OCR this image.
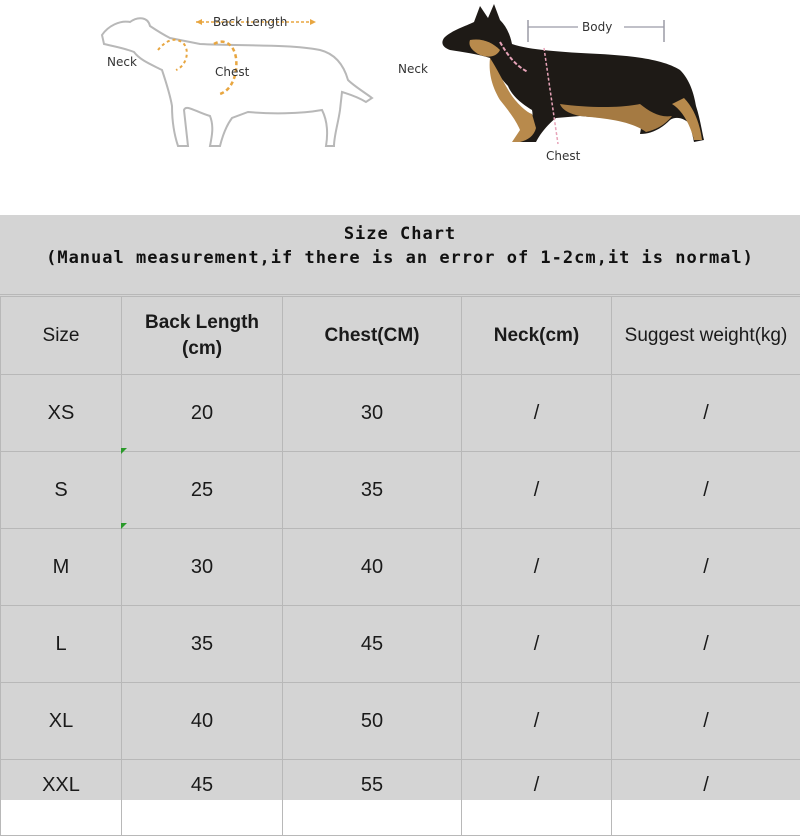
Back Length
Neck
Chest
Body
Neck
Chest
Size Chart
(Manual measurement,if there is an error of 1-2cm,it is normal)
Size	Back Length (cm)	Chest(CM)	Neck(cm)	Suggest weight(kg)
XS	20	30	/	/
S	25	35	/	/
M	30	40	/	/
L	35	45	/	/
XL	40	50	/	/
XXL	45	55	/	/
